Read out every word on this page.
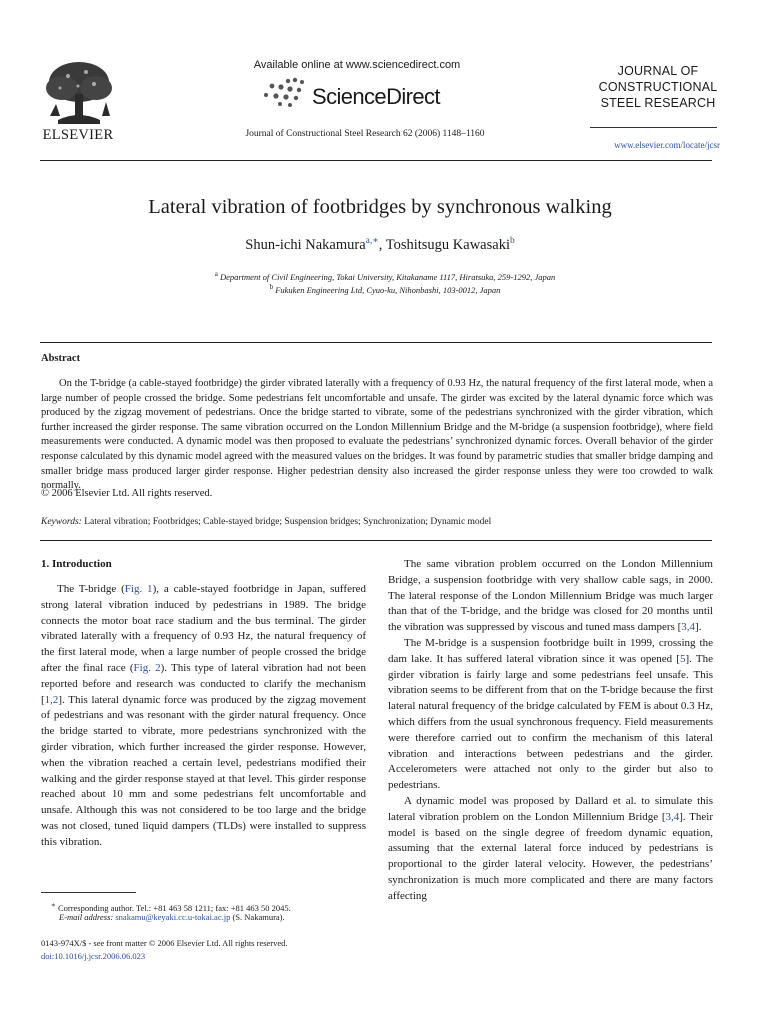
ELSEVIER
Available online at www.sciencedirect.com
ScienceDirect
Journal of Constructional Steel Research 62 (2006) 1148–1160
JOURNAL OF
CONSTRUCTIONAL
STEEL RESEARCH
www.elsevier.com/locate/jcsr
Lateral vibration of footbridges by synchronous walking
Shun-ichi Nakamura$^{a,∗}$, Toshitsugu Kawasaki$^b$
$^a$ Department of Civil Engineering, Tokai University, Kitakaname 1117, Hiratsuka, 259-1292, Japan
$^b$ Fukuken Engineering Ltd, Cyuo-ku, Nihonbashi, 103-0012, Japan
Abstract

On the T-bridge (a cable-stayed footbridge) the girder vibrated laterally with a frequency of 0.93 Hz, the natural frequency of the first lateral mode, when a large number of people crossed the bridge. Some pedestrians felt uncomfortable and unsafe. The girder was excited by the lateral dynamic force which was produced by the zigzag movement of pedestrians. Once the bridge started to vibrate, some of the pedestrians synchronized with the girder vibration, which further increased the girder response. The same vibration occurred on the London Millennium Bridge and the M-bridge (a suspension footbridge), where field measurements were conducted. A dynamic model was then proposed to evaluate the pedestrians’ synchronized dynamic forces. Overall behavior of the girder response calculated by this dynamic model agreed with the measured values on the bridges. It was found by parametric studies that smaller bridge damping and smaller bridge mass produced larger girder response. Higher pedestrian density also increased the girder response unless they were too crowded to walk normally.

© 2006 Elsevier Ltd. All rights reserved.
Keywords: Lateral vibration; Footbridges; Cable-stayed bridge; Suspension bridges; Synchronization; Dynamic model
1. Introduction

The T-bridge (Fig. 1), a cable-stayed footbridge in Japan, suffered strong lateral vibration induced by pedestrians in 1989. The bridge connects the motor boat race stadium and the bus terminal. The girder vibrated laterally with a frequency of 0.93 Hz, the natural frequency of the first lateral mode, when a large number of people crossed the bridge after the final race (Fig. 2). This type of lateral vibration had not been reported before and research was conducted to clarify the mechanism [1,2]. This lateral dynamic force was produced by the zigzag movement of pedestrians and was resonant with the girder natural frequency. Once the bridge started to vibrate, more pedestrians synchronized with the girder vibration, which further increased the girder response. However, when the vibration reached a certain level, pedestrians modified their walking and the girder response stayed at that level. This girder response reached about 10 mm and some pedestrians felt uncomfortable and unsafe. Although this was not considered to be too large and the bridge was not closed, tuned liquid dampers (TLDs) were installed to suppress this vibration.

The same vibration problem occurred on the London Millennium Bridge, a suspension footbridge with very shallow cable sags, in 2000. The lateral response of the London Millennium Bridge was much larger than that of the T-bridge, and the bridge was closed for 20 months until the vibration was suppressed by viscous and tuned mass dampers [3,4].

The M-bridge is a suspension footbridge built in 1999, crossing the dam lake. It has suffered lateral vibration since it was opened [5]. The girder vibration is fairly large and some pedestrians feel unsafe. This vibration seems to be different from that on the T-bridge because the first lateral natural frequency of the bridge calculated by FEM is about 0.3 Hz, which differs from the usual synchronous frequency. Field measurements were therefore carried out to confirm the mechanism of this lateral vibration and interactions between pedestrians and the girder. Accelerometers were attached not only to the girder but also to pedestrians.

A dynamic model was proposed by Dallard et al. to simulate this lateral vibration problem on the London Millennium Bridge [3,4]. Their model is based on the single degree of freedom dynamic equation, assuming that the external lateral force induced by pedestrians is proportional to the girder lateral velocity. However, the pedestrians’ synchronization is much more complicated and there are many factors affecting

∗ Corresponding author. Tel.: +81 463 58 1211; fax: +81 463 50 2045.
E-mail address: snakamu@keyaki.cc.u-tokai.ac.jp (S. Nakamura).
0143-974X/$ - see front matter © 2006 Elsevier Ltd. All rights reserved.
doi:10.1016/j.jcsr.2006.06.023
